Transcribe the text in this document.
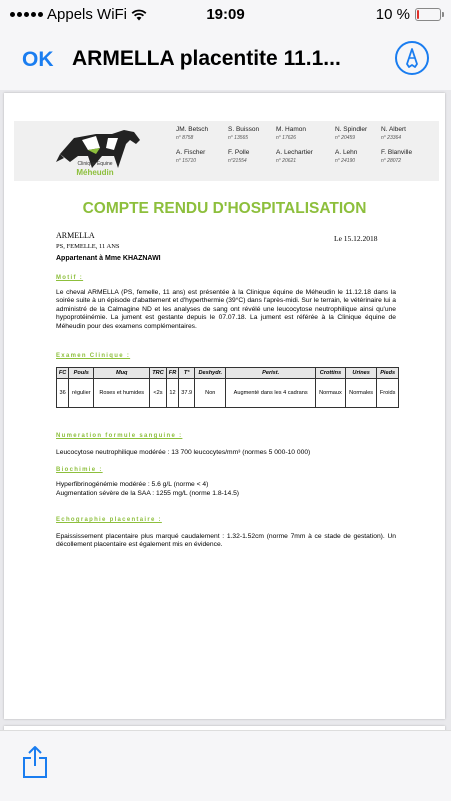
Appels WiFi	19:09	10 %
OK ARMELLA placentite 11.1...
Clinique Equine
Méheudin
JM. Betsch
n° 8758
S. Buisson
n° 13565
M. Hamon
n° 17626
N. Spindler
n° 20459
N. Albert
n° 23364
A. Fischer
n° 15710
F. Polle
n°21554
A. Lechartier
n° 20621
A. Lehn
n° 24190
F. Blanville
n° 28072
COMPTE RENDU D'HOSPITALISATION
ARMELLA	Le 15.12.2018
PS, FEMELLE, 11 ANS
Appartenant à Mme KHAZNAWI
Motif :
Le cheval ARMELLA (PS, femelle, 11 ans) est présentée à la Clinique équine de Méheudin le 11.12.18 dans la soirée suite à un épisode d'abattement et d'hyperthermie (39°C) dans l'après-midi. Sur le terrain, le vétérinaire lui a administré de la Calmagine ND et les analyses de sang ont révélé une leucocytose neutrophilique ainsi qu'une hypoprotéinémie. La jument est gestante depuis le 07.07.18. La jument est référée à la Clinique équine de Méheudin pour des examens complémentaires.
Examen Clinique :
FC	Pouls	Muq	TRC	FR	T°	Deshydr.	Perist.	Crottins	Urines	Pieds
36	régulier	Roses et humides	<2s	12	37.9	Non	Augmenté dans les 4 cadrans	Normaux	Normales	Froids
Numeration formule sanguine :
Leucocytose neutrophilique modérée : 13 700 leucocytes/mm³ (normes 5 000-10 000)
Biochimie :
Hyperfibrinogénémie modérée : 5.6 g/L (norme < 4)
Augmentation sévère de la SAA : 1255 mg/L (norme 1.8-14.5)
Echographie placentaire :
Epaississement placentaire plus marqué caudalement : 1.32-1.52cm (norme 7mm à ce stade de gestation). Un décollement placentaire est également mis en évidence.
